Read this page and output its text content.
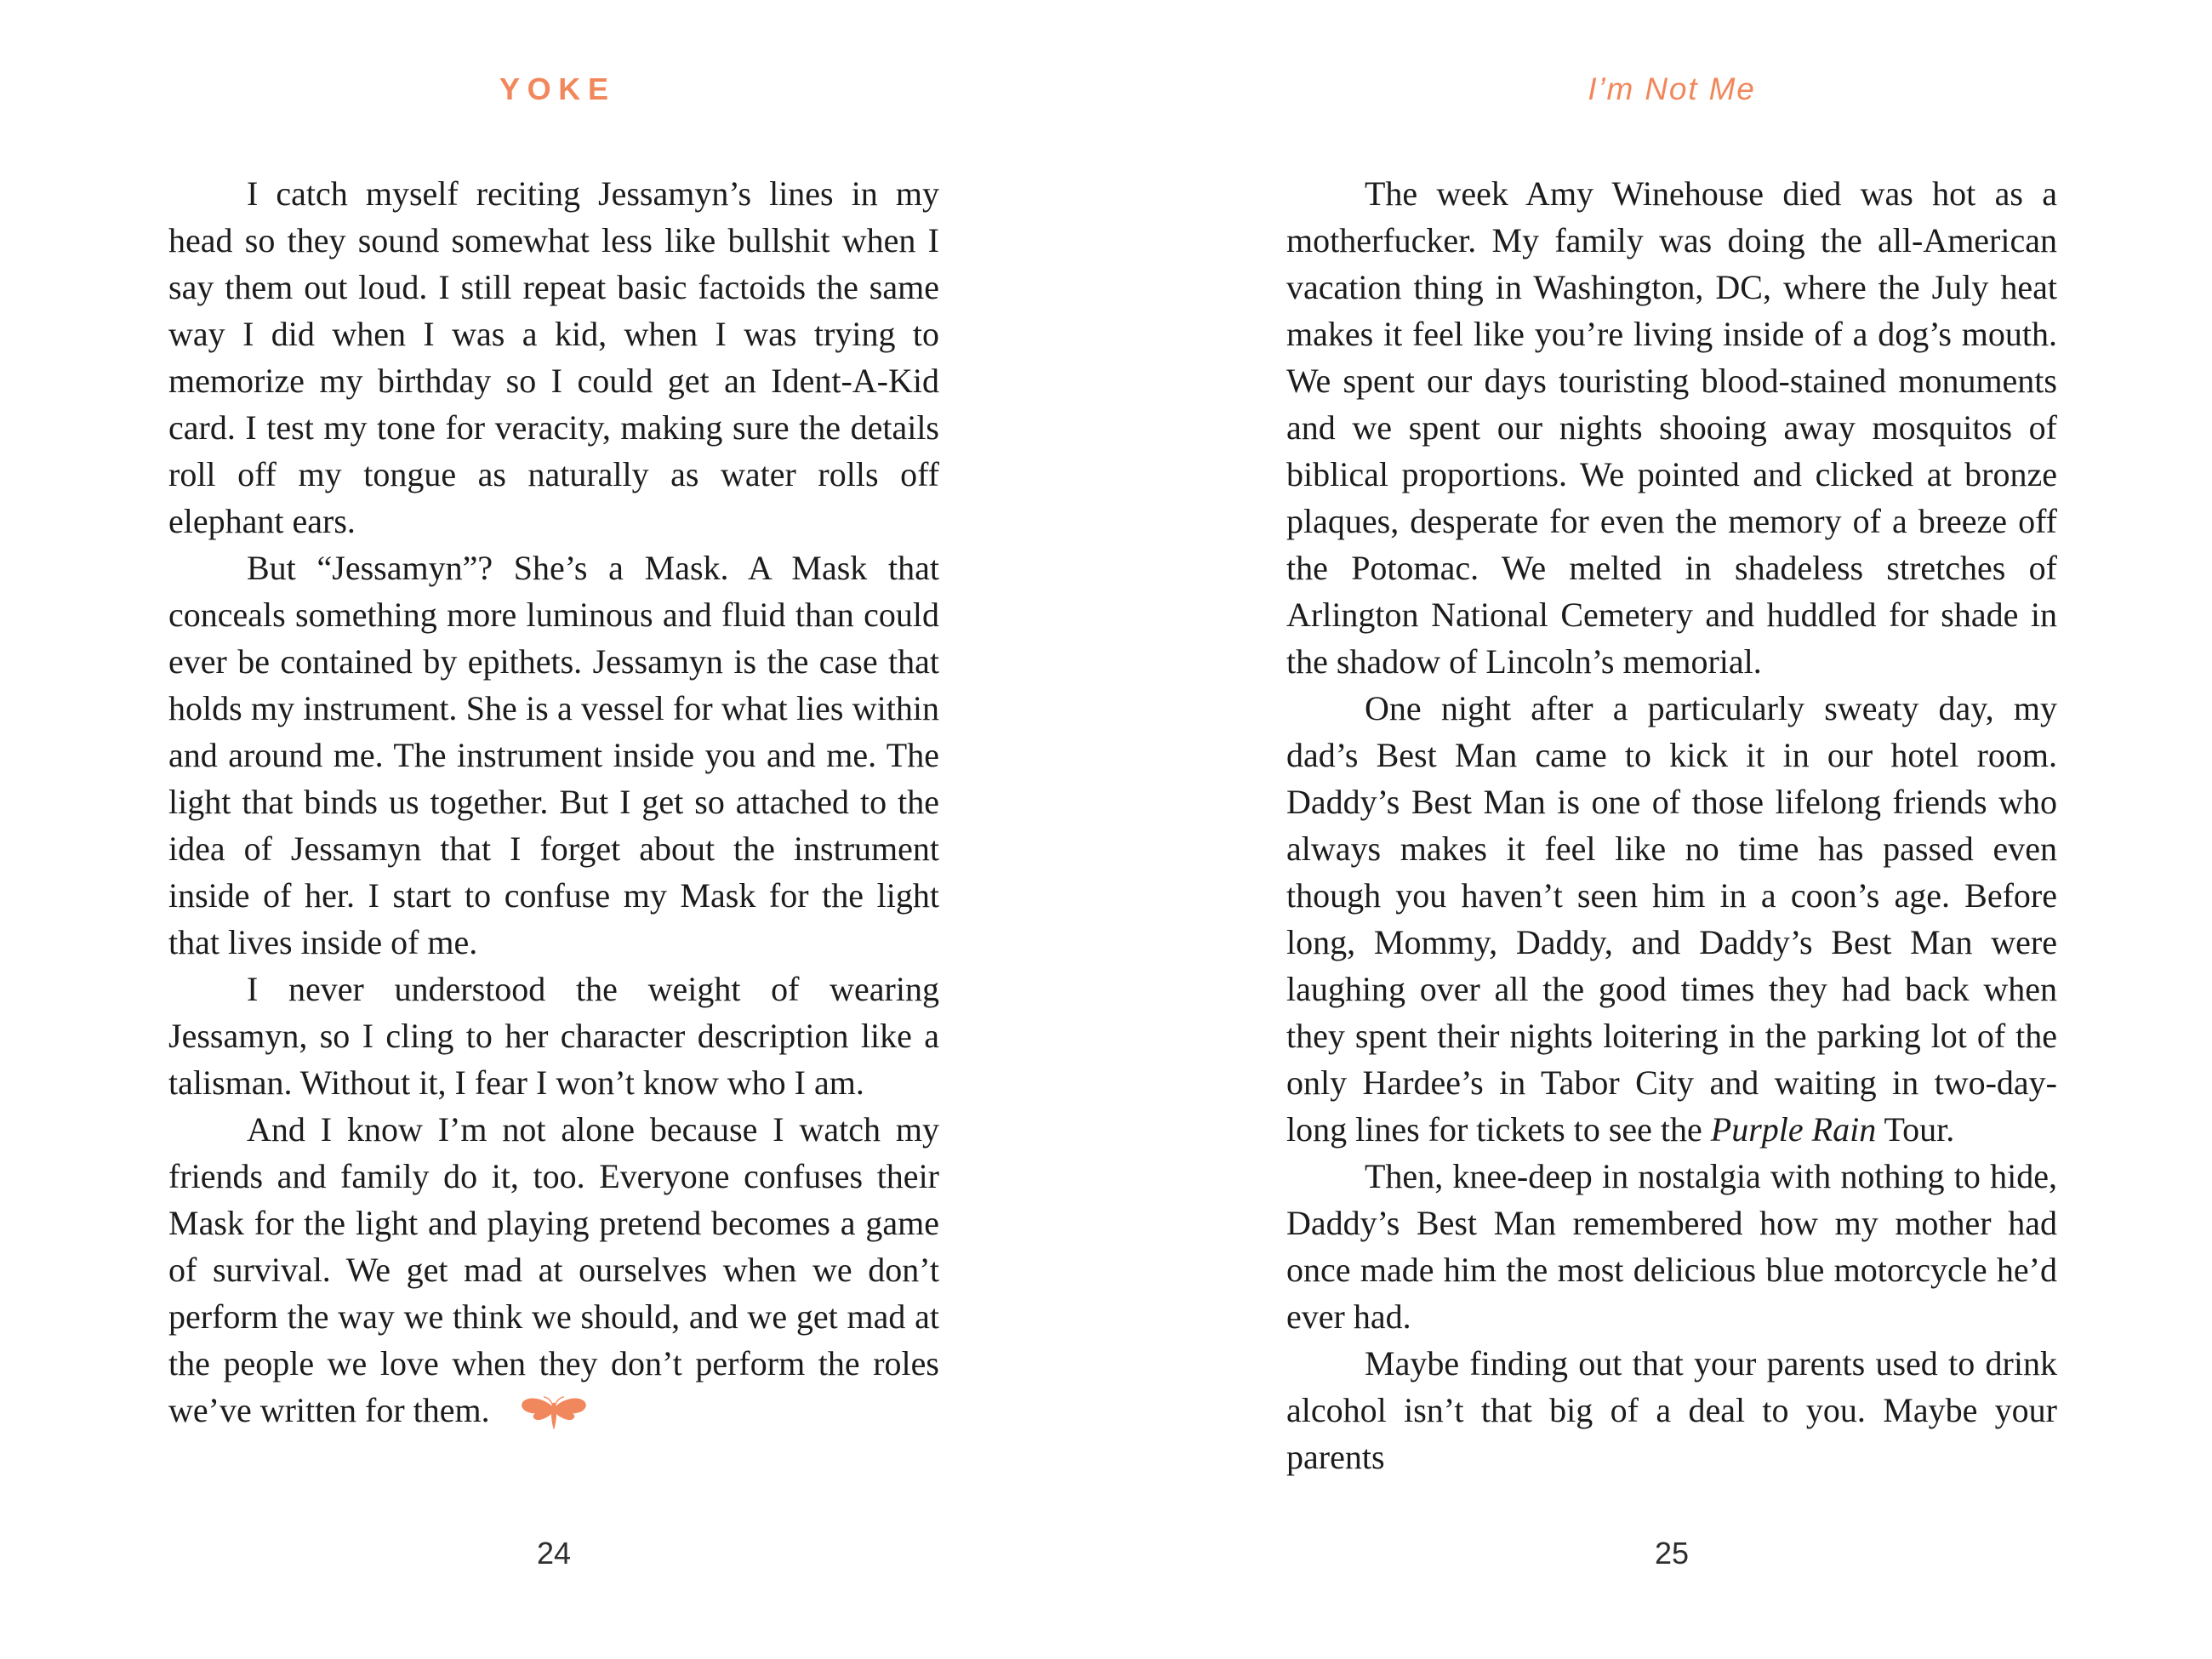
YOKE

I catch myself reciting Jessamyn’s lines in my head so they sound somewhat less like bullshit when I say them out loud. I still repeat basic factoids the same way I did when I was a kid, when I was trying to memorize my birthday so I could get an Ident-A-Kid card. I test my tone for veracity, making sure the details roll off my tongue as naturally as water rolls off elephant ears.

But “Jessamyn”? She’s a Mask. A Mask that conceals something more luminous and fluid than could ever be contained by epithets. Jessamyn is the case that holds my instrument. She is a vessel for what lies within and around me. The instrument inside you and me. The light that binds us together. But I get so attached to the idea of Jessamyn that I forget about the instrument inside of her. I start to confuse my Mask for the light that lives inside of me.

I never understood the weight of wearing Jessamyn, so I cling to her character description like a talisman. Without it, I fear I won’t know who I am.

And I know I’m not alone because I watch my friends and family do it, too. Everyone confuses their Mask for the light and playing pretend becomes a game of survival. We get mad at ourselves when we don’t perform the way we think we should, and we get mad at the people we love when they don’t perform the roles we’ve written for them.

24
I’m Not Me

The week Amy Winehouse died was hot as a motherfucker. My family was doing the all-American vacation thing in Washington, DC, where the July heat makes it feel like you’re living inside of a dog’s mouth. We spent our days touristing blood-stained monuments and we spent our nights shooing away mosquitos of biblical proportions. We pointed and clicked at bronze plaques, desperate for even the memory of a breeze off the Potomac. We melted in shadeless stretches of Arlington National Cemetery and huddled for shade in the shadow of Lincoln’s memorial.

One night after a particularly sweaty day, my dad’s Best Man came to kick it in our hotel room. Daddy’s Best Man is one of those lifelong friends who always makes it feel like no time has passed even though you haven’t seen him in a coon’s age. Before long, Mommy, Daddy, and Daddy’s Best Man were laughing over all the good times they had back when they spent their nights loitering in the parking lot of the only Hardee’s in Tabor City and waiting in two-day-long lines for tickets to see the Purple Rain Tour.

Then, knee-deep in nostalgia with nothing to hide, Daddy’s Best Man remembered how my mother had once made him the most delicious blue motorcycle he’d ever had.

Maybe finding out that your parents used to drink alcohol isn’t that big of a deal to you. Maybe your parents

25
